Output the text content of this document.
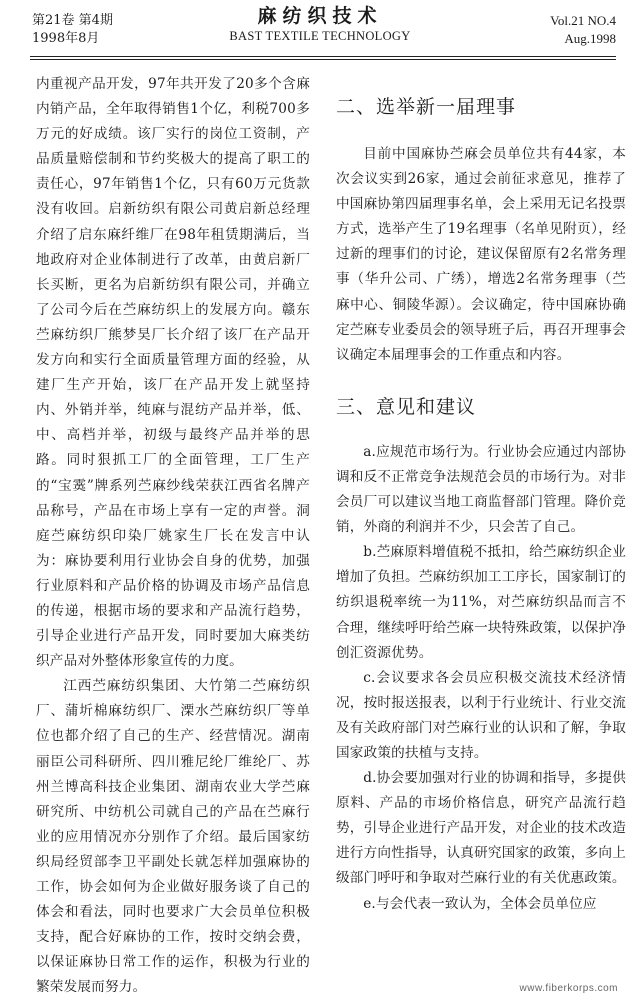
第21卷 第4期
1998年8月
麻纺织技术
BAST TEXTILE TECHNOLOGY
Vol.21 NO.4
Aug.1998

内重视产品开发，97年共开发了20多个含麻内销产品，全年取得销售1个亿，利税700多万元的好成绩。该厂实行的岗位工资制，产品质量赔偿制和节约奖极大的提高了职工的责任心，97年销售1个亿，只有60万元货款没有收回。启新纺织有限公司黄启新总经理介绍了启东麻纤维厂在98年租赁期满后，当地政府对企业体制进行了改革，由黄启新厂长买断，更名为启新纺织有限公司，并确立了公司今后在苎麻纺织上的发展方向。赣东苎麻纺织厂熊梦昊厂长介绍了该厂在产品开发方向和实行全面质量管理方面的经验，从建厂生产开始，该厂在产品开发上就坚持内、外销并举，纯麻与混纺产品并举，低、中、高档并举，初级与最终产品并举的思路。同时狠抓工厂的全面管理，工厂生产的“宝霙”牌系列苎麻纱线荣获江西省名牌产品称号，产品在市场上享有一定的声誉。洞庭苎麻纺织印染厂姚家生厂长在发言中认为：麻协要利用行业协会自身的优势，加强行业原料和产品价格的协调及市场产品信息的传递，根据市场的要求和产品流行趋势，引导企业进行产品开发，同时要加大麻类纺织产品对外整体形象宣传的力度。

江西苎麻纺织集团、大竹第二苎麻纺织厂、蒲圻棉麻纺织厂、溧水苎麻纺织厂等单位也都介绍了自己的生产、经营情况。湖南丽臣公司科研所、四川雅尼纶厂维纶厂、苏州兰博高科技企业集团、湖南农业大学苎麻研究所、中纺机公司就自己的产品在苎麻行业的应用情况亦分别作了介绍。最后国家纺织局经贸部李卫平副处长就怎样加强麻协的工作，协会如何为企业做好服务谈了自己的体会和看法，同时也要求广大会员单位积极支持，配合好麻协的工作，按时交纳会费，以保证麻协日常工作的运作，积极为行业的繁荣发展而努力。

二、选举新一届理事

目前中国麻协苎麻会员单位共有44家，本次会议实到26家，通过会前征求意见，推荐了中国麻协第四届理事名单，会上采用无记名投票方式，选举产生了19名理事（名单见附页），经过新的理事们的讨论，建议保留原有2名常务理事（华升公司、广绣），增选2名常务理事（苎麻中心、铜陵华源）。会议确定，待中国麻协确定苎麻专业委员会的领导班子后，再召开理事会议确定本届理事会的工作重点和内容。

三、意见和建议

a.应规范市场行为。行业协会应通过内部协调和反不正常竞争法规范会员的市场行为。对非会员厂可以建议当地工商监督部门管理。降价竞销，外商的利润并不少，只会苦了自己。

b.苎麻原料增值税不抵扣，给苎麻纺织企业增加了负担。苎麻纺织加工工序长，国家制订的纺织退税率统一为11%，对苎麻纺织品而言不合理，继续呼吁给苎麻一块特殊政策，以保护净创汇资源优势。

c.会议要求各会员应积极交流技术经济情况，按时报送报表，以利于行业统计、行业交流及有关政府部门对苎麻行业的认识和了解，争取国家政策的扶植与支持。

d.协会要加强对行业的协调和指导，多提供原料、产品的市场价格信息，研究产品流行趋势，引导企业进行产品开发，对企业的技术改造进行方向性指导，认真研究国家的政策，多向上级部门呼吁和争取对苎麻行业的有关优惠政策。

e.与会代表一致认为，全体会员单位应

www.fiberkorps.com
